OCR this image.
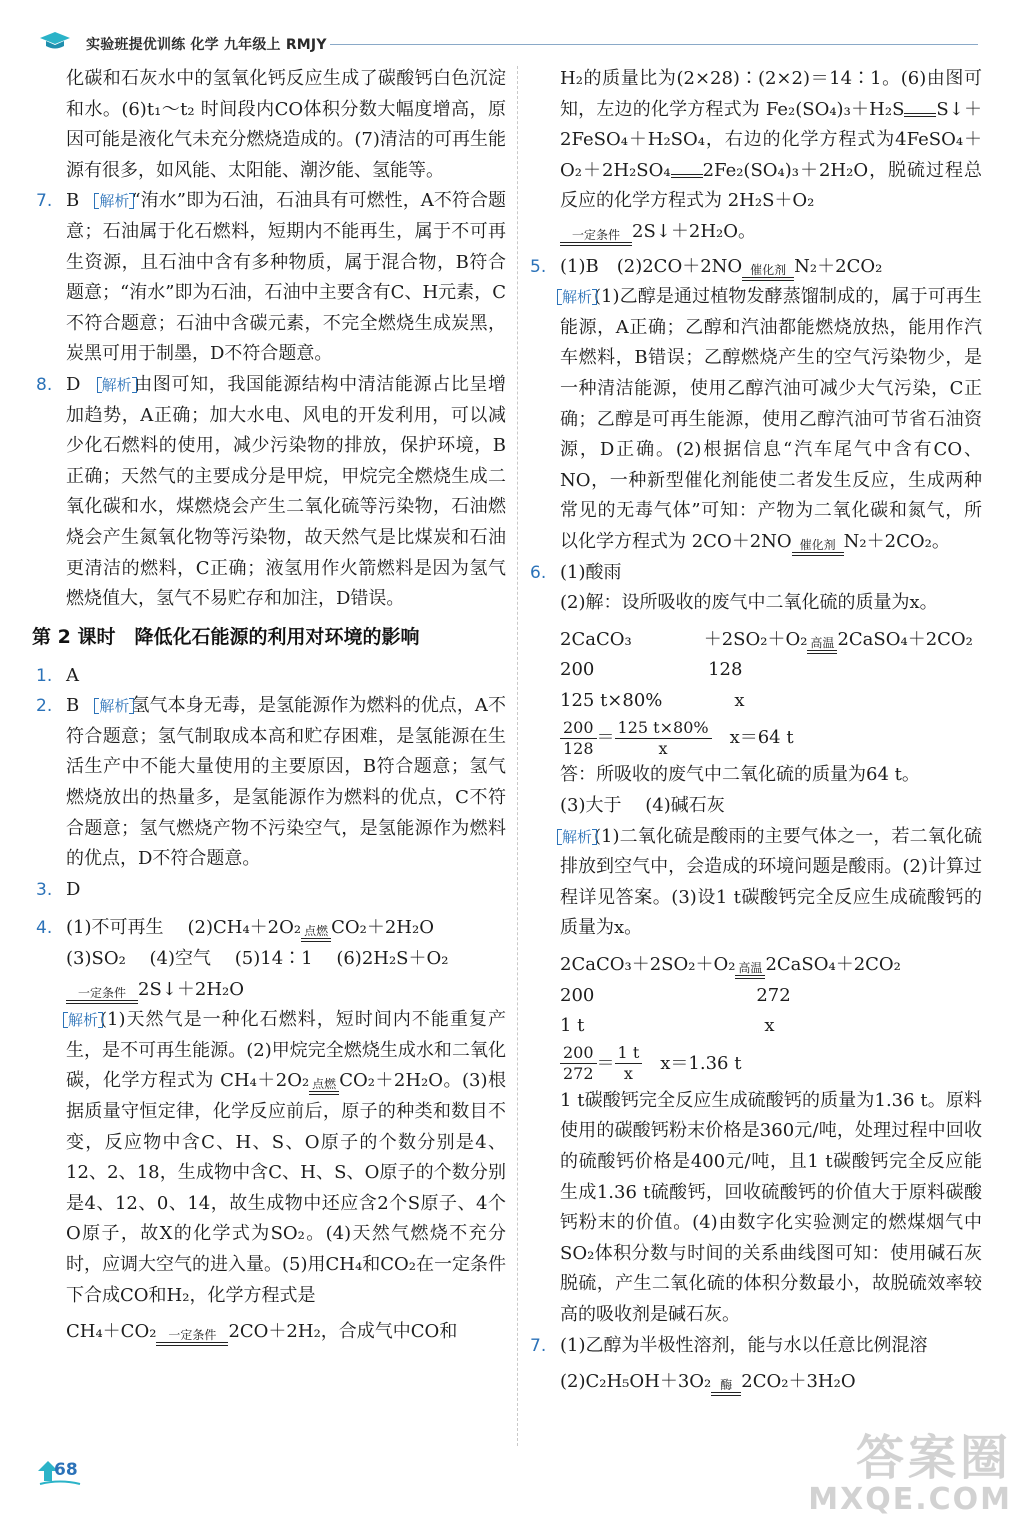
实验班提优训练 化学 九年级上 RMJY

化碳和石灰水中的氢氧化钙反应生成了碳酸钙白色沉淀和水。(6)t₁～t₂ 时间段内CO体积分数大幅度增高，原因可能是液化气未充分燃烧造成的。(7)清洁的可再生能源有很多，如风能、太阳能、潮汐能、氢能等。

7. B　 解析 “洧水”即为石油，石油具有可燃性，A不符合题意；石油属于化石燃料，短期内不能再生，属于不可再生资源，且石油中含有多种物质，属于混合物，B符合题意；“洧水”即为石油，石油中主要含有C、H元素，C不符合题意；石油中含碳元素，不完全燃烧生成炭黑，炭黑可用于制墨，D不符合题意。

8. D　 解析 由图可知，我国能源结构中清洁能源占比呈增加趋势，A正确；加大水电、风电的开发利用，可以减少化石燃料的使用，减少污染物的排放，保护环境，B正确；天然气的主要成分是甲烷，甲烷完全燃烧生成二氧化碳和水，煤燃烧会产生二氧化硫等污染物，石油燃烧会产生氮氧化物等污染物，故天然气是比煤炭和石油更清洁的燃料，C正确；液氢用作火箭燃料是因为氢气燃烧值大，氢气不易贮存和加注，D错误。

第 2 课时　降低化石能源的利用对环境的影响
1. A

2. B　 解析 氢气本身无毒，是氢能源作为燃料的优点，A不符合题意；氢气制取成本高和贮存困难，是氢能源在生活生产中不能大量使用的主要原因，B符合题意；氢气燃烧放出的热量多，是氢能源作为燃料的优点，C不符合题意；氢气燃烧产物不污染空气，是氢能源作为燃料的优点，D不符合题意。

3. D

4. (1)不可再生 (2)CH₄＋2O₂ 点燃 CO₂＋2H₂O

(3)SO₂　 (4)空气　 (5)14∶1　 (6)2H₂S＋O₂

一定条件 2S↓＋2H₂O

解析 (1)天然气是一种化石燃料，短时间内不能重复产生，是不可再生能源。(2)甲烷完全燃烧生成水和二氧化碳，化学方程式为 CH₄＋2O₂ 点燃 CO₂＋2H₂O。(3)根据质量守恒定律，化学反应前后，原子的种类和数目不变，反应物中含C、H、S、O原子的个数分别是4、12、2、18，生成物中含C、H、S、O原子的个数分别是4、12、0、14，故生成物中还应含2个S原子、4个O原子，故X的化学式为SO₂。(4)天然气燃烧不充分时，应调大空气的进入量。(5)用CH₄和CO₂在一定条件下合成CO和H₂，化学方程式是

CH₄＋CO₂ 一定条件 2CO＋2H₂，合成气中CO和

H₂的质量比为(2×28)∶(2×2)＝14∶1。(6)由图可知，左边的化学方程式为 Fe₂(SO₄)₃＋H₂S S↓＋2FeSO₄＋H₂SO₄，右边的化学方程式为4FeSO₄＋O₂＋2H₂SO₄ 2Fe₂(SO₄)₃＋2H₂O，脱硫过程总反应的化学方程式为 2H₂S＋O₂

一定条件 2S↓＋2H₂O。

5. (1)B　(2)2CO＋2NO 催化剂 N₂＋2CO₂

解析 (1)乙醇是通过植物发酵蒸馏制成的，属于可再生能源，A正确；乙醇和汽油都能燃烧放热，能用作汽车燃料，B错误；乙醇燃烧产生的空气污染物少，是一种清洁能源，使用乙醇汽油可减少大气污染，C正确；乙醇是可再生能源，使用乙醇汽油可节省石油资源，D正确。(2)根据信息“汽车尾气中含有CO、NO，一种新型催化剂能使二者发生反应，生成两种常见的无毒气体”可知：产物为二氧化碳和氮气，所以化学方程式为 2CO＋2NO 催化剂 N₂＋2CO₂。

6. (1)酸雨

(2)解：设所吸收的废气中二氧化硫的质量为x。

2CaCO₃　　　　＋2SO₂＋O₂ 高温 2CaSO₄＋2CO₂

200　　　　　　 128

125 t×80%　　　　x

$\frac{200}{128} = \frac{125 t\times 80\%}{x}$
　 x＝64 t

答：所吸收的废气中二氧化硫的质量为64 t。

(3)大于　 (4)碱石灰

解析 (1)二氧化硫是酸雨的主要气体之一，若二氧化硫排放到空气中，会造成的环境问题是酸雨。(2)计算过程详见答案。(3)设1 t碳酸钙完全反应生成硫酸钙的质量为x。

2CaCO₃＋2SO₂＋O₂ 高温 2CaSO₄＋2CO₂

200　　　　　　　　　272

1 t　　　　　　　　　　x

$\frac{200}{272} = \frac{1 t}{x}$
　 x＝1.36 t

1 t碳酸钙完全反应生成硫酸钙的质量为1.36 t。原料使用的碳酸钙粉末价格是360元/吨，处理过程中回收的硫酸钙价格是400元/吨，且1 t碳酸钙完全反应能生成1.36 t硫酸钙，回收硫酸钙的价值大于原料碳酸钙粉末的价值。(4)由数字化实验测定的燃煤烟气中SO₂体积分数与时间的关系曲线图可知：使用碱石灰脱硫，产生二氧化硫的体积分数最小，故脱硫效率较高的吸收剂是碱石灰。

7. (1)乙醇为半极性溶剂，能与水以任意比例混溶

(2)C₂H₅OH＋3O₂ 酶 2CO₂＋3H₂O

68	答案圈
MXQE.COM
